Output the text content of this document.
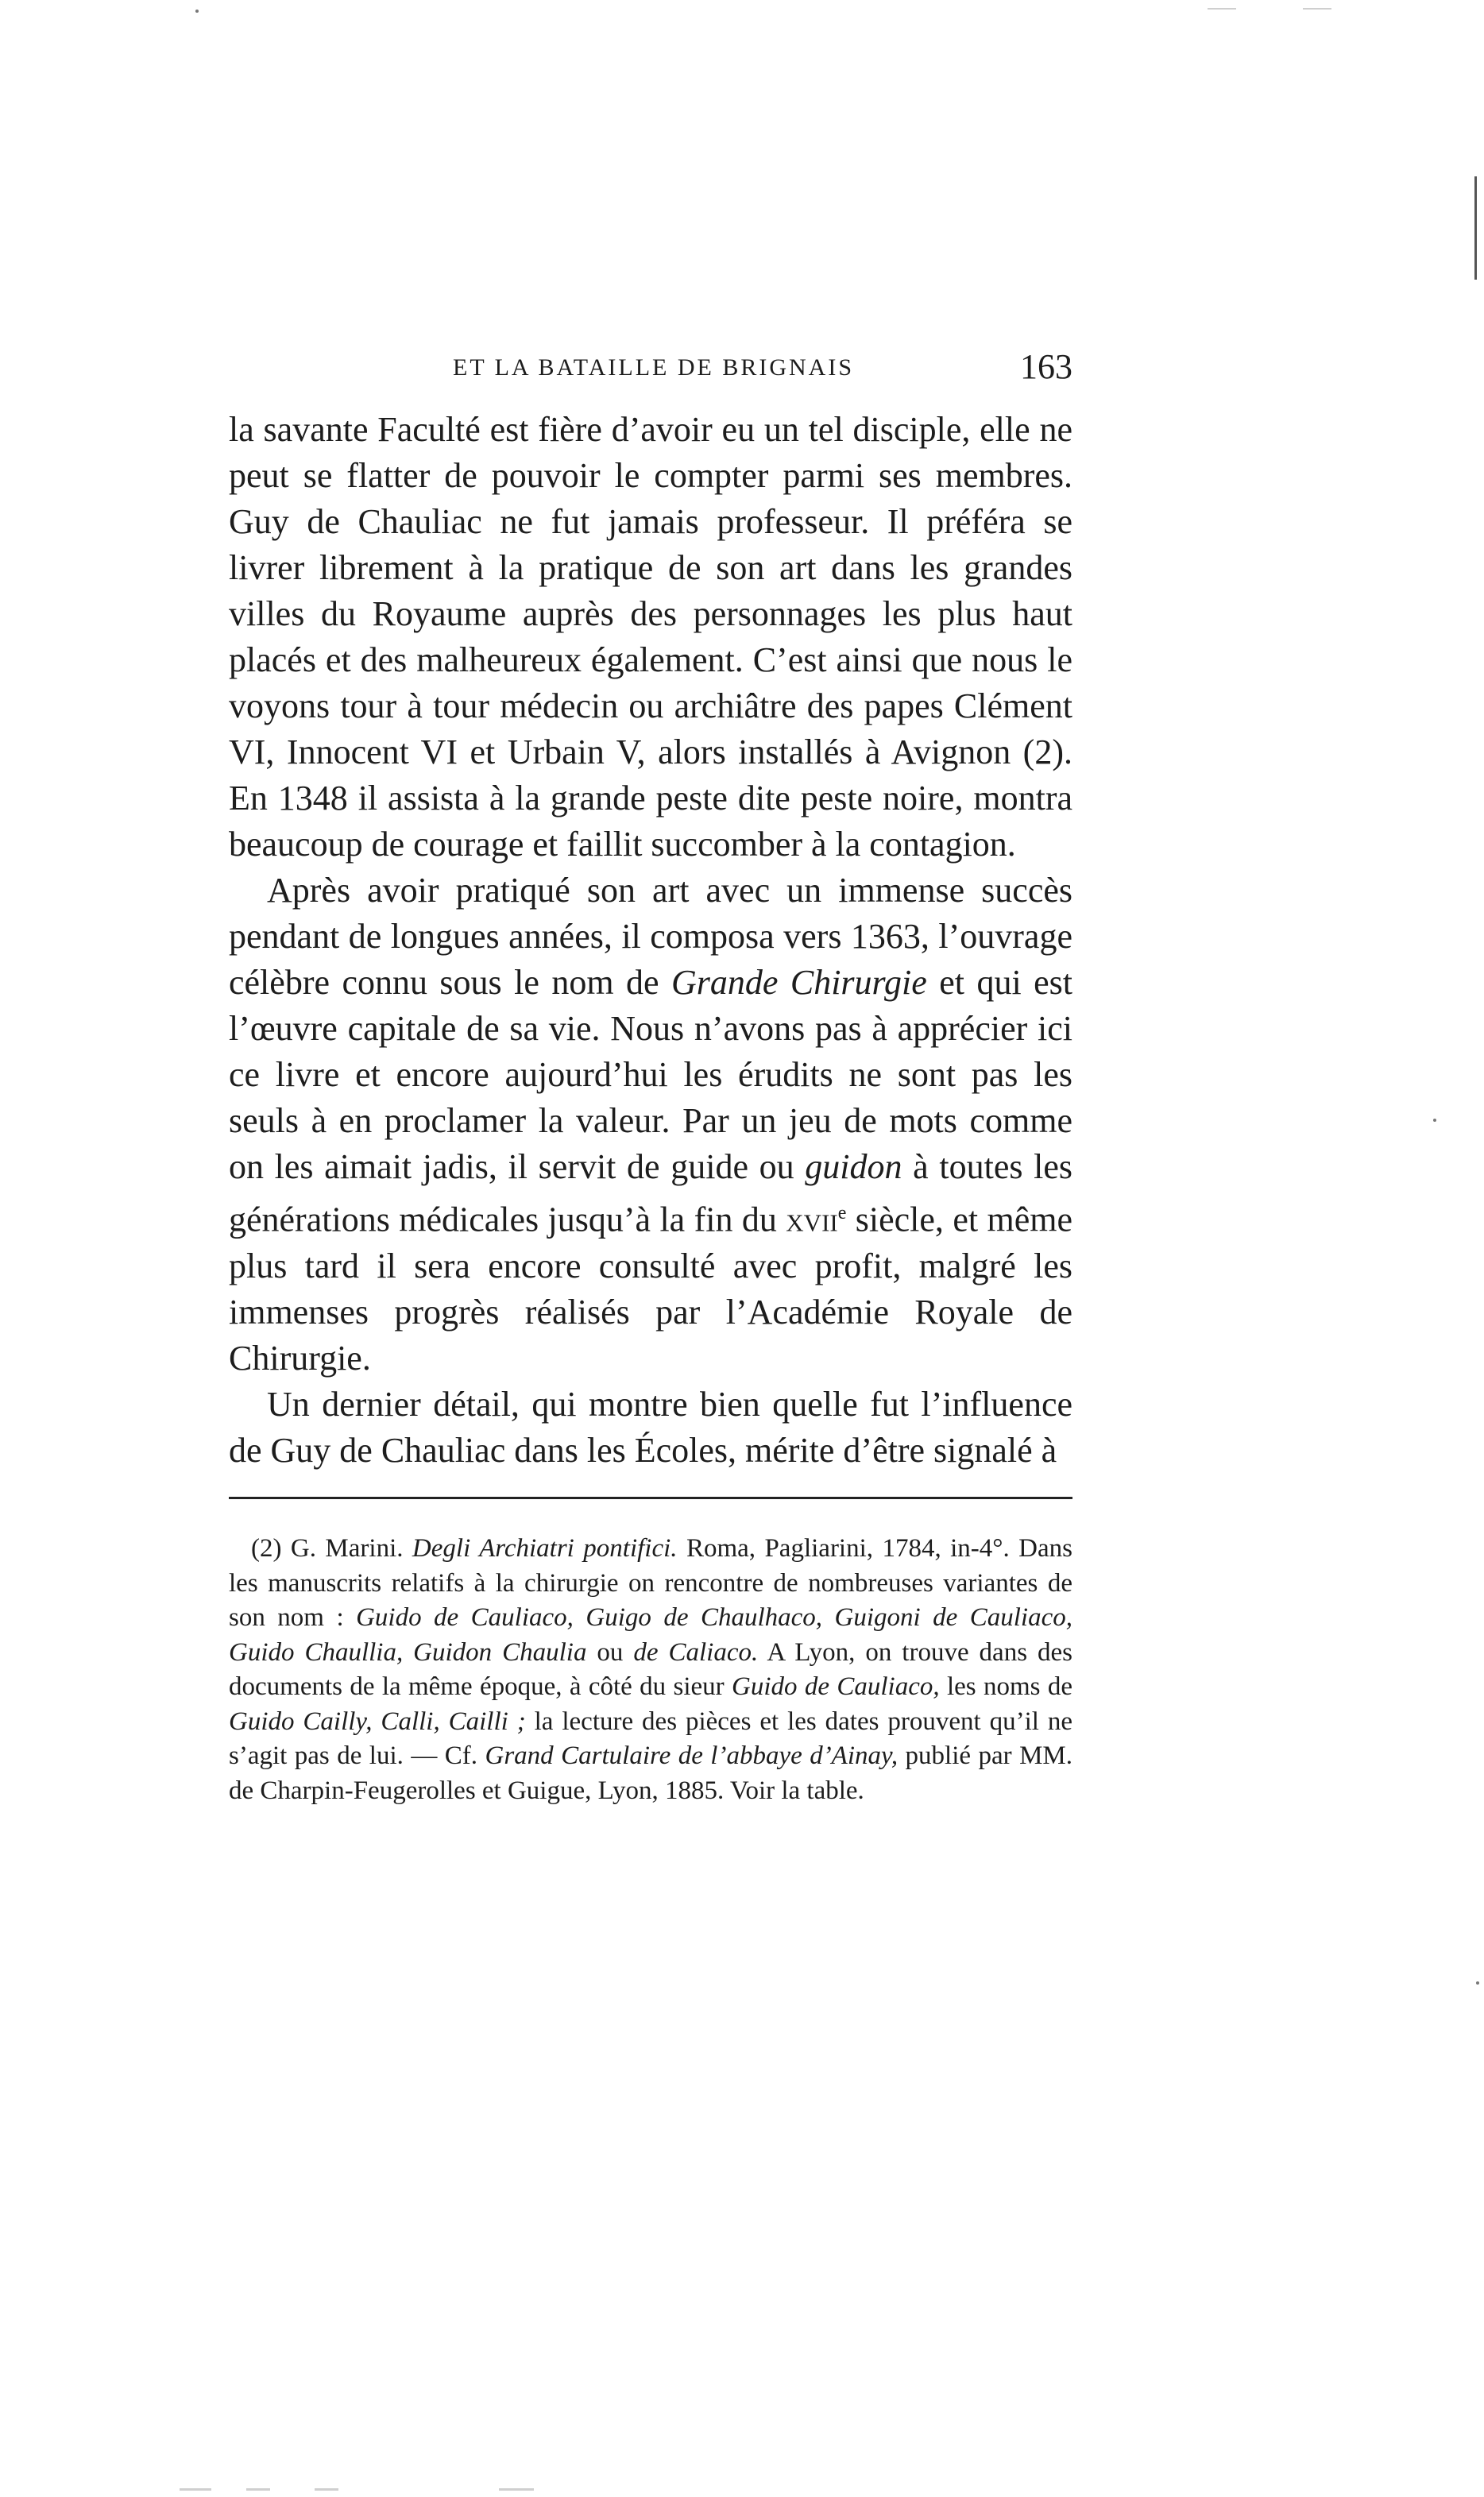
ET LA BATAILLE DE BRIGNAIS	163

la savante Faculté est fière d’avoir eu un tel disciple, elle ne peut se flatter de pouvoir le compter parmi ses membres. Guy de Chauliac ne fut jamais professeur. Il préféra se livrer librement à la pratique de son art dans les grandes villes du Royaume auprès des personnages les plus haut placés et des malheureux également. C’est ainsi que nous le voyons tour à tour médecin ou archiâtre des papes Clément VI, Innocent VI et Urbain V, alors installés à Avignon (2). En 1348 il assista à la grande peste dite peste noire, montra beaucoup de courage et faillit succomber à la contagion.

Après avoir pratiqué son art avec un immense succès pendant de longues années, il composa vers 1363, l’ouvrage célèbre connu sous le nom de Grande Chirurgie et qui est l’œuvre capitale de sa vie. Nous n’avons pas à apprécier ici ce livre et encore aujourd’hui les érudits ne sont pas les seuls à en proclamer la valeur. Par un jeu de mots comme on les aimait jadis, il servit de guide ou guidon à toutes les générations médicales jusqu’à la fin du xvii$^e$ siècle, et même plus tard il sera encore consulté avec profit, malgré les immenses progrès réalisés par l’Académie Royale de Chirurgie.

Un dernier détail, qui montre bien quelle fut l’influence de Guy de Chauliac dans les Écoles, mérite d’être signalé à

(2) G. Marini. Degli Archiatri pontifici. Roma, Pagliarini, 1784, in-4°. Dans les manuscrits relatifs à la chirurgie on rencontre de nombreuses variantes de son nom : Guido de Cauliaco, Guigo de Chaulhaco, Guigoni de Cauliaco, Guido Chaullia, Guidon Chaulia ou de Caliaco. A Lyon, on trouve dans des documents de la même époque, à côté du sieur Guido de Cauliaco, les noms de Guido Cailly, Calli, Cailli ; la lecture des pièces et les dates prouvent qu’il ne s’agit pas de lui. — Cf. Grand Cartulaire de l’abbaye d’Ainay, publié par MM. de Charpin-Feugerolles et Guigue, Lyon, 1885. Voir la table.
